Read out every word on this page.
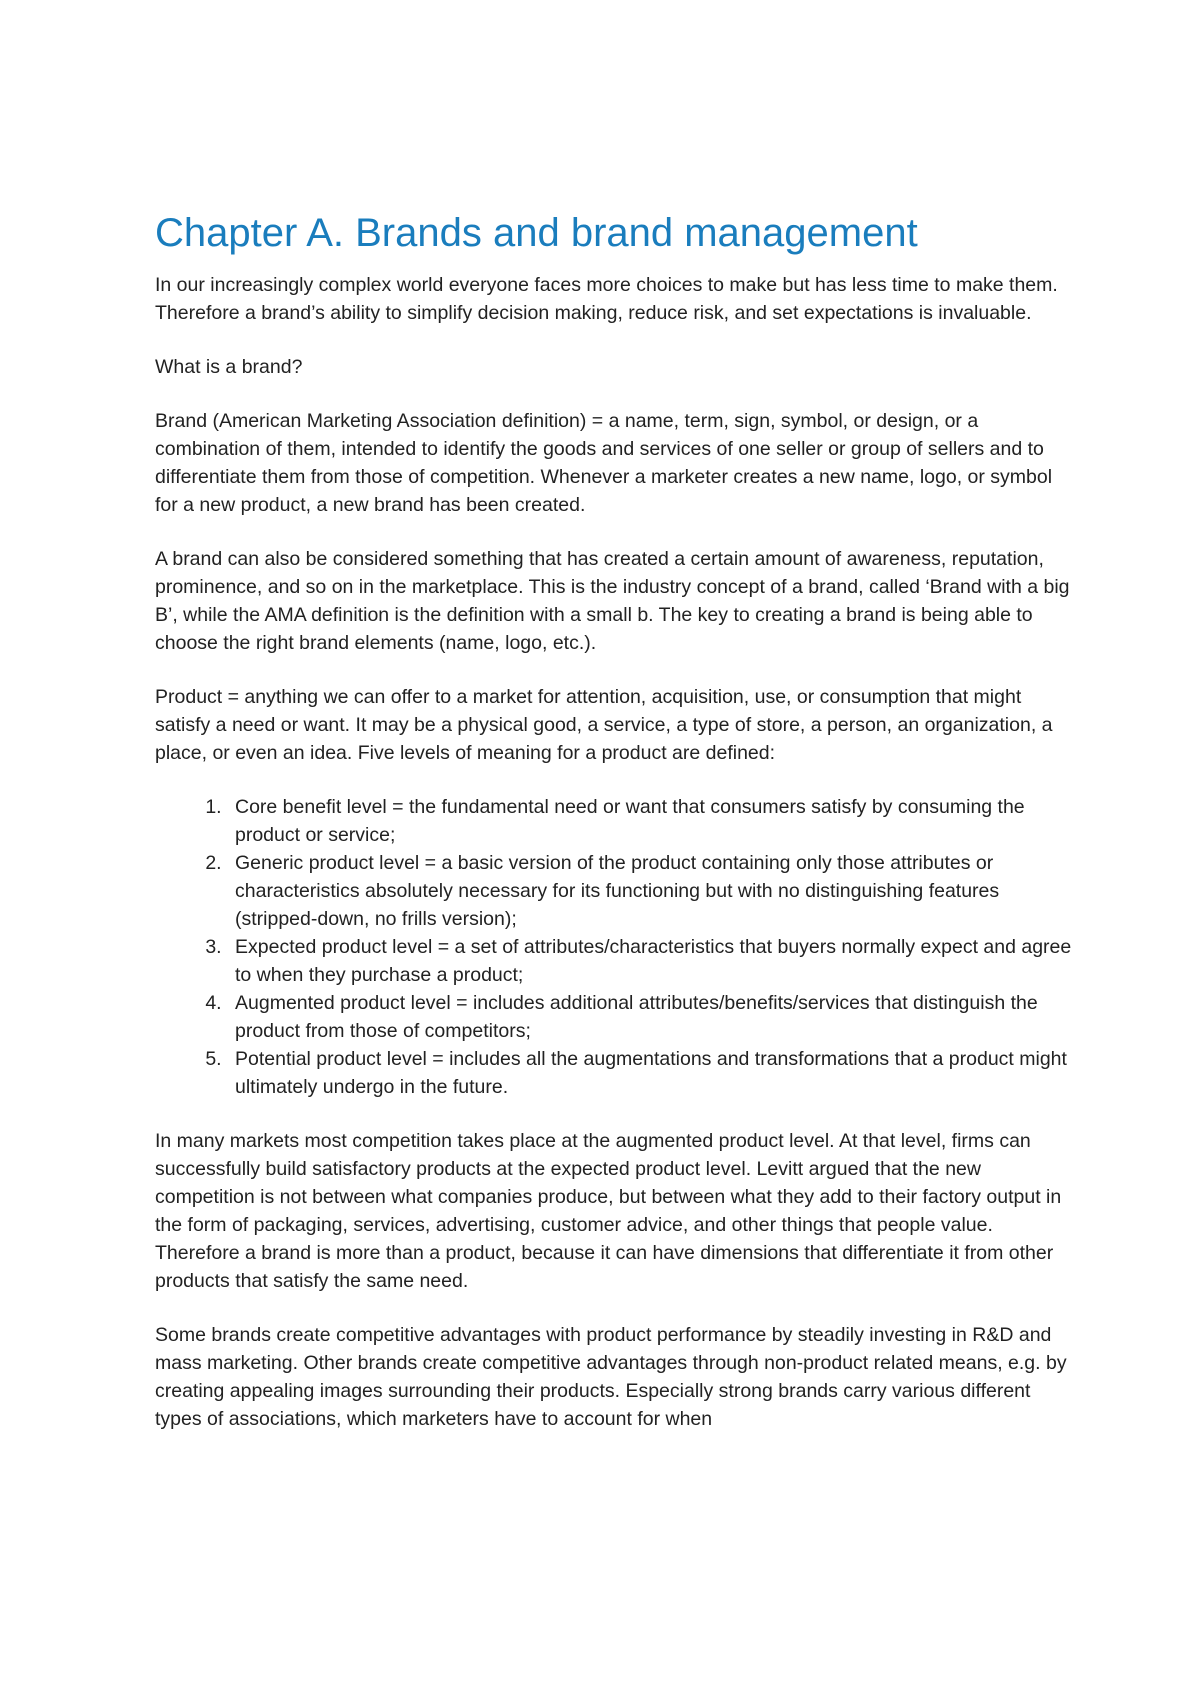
Chapter A. Brands and brand management

In our increasingly complex world everyone faces more choices to make but has less time to make them. Therefore a brand’s ability to simplify decision making, reduce risk, and set expectations is invaluable.

What is a brand?

Brand (American Marketing Association definition) = a name, term, sign, symbol, or design, or a combination of them, intended to identify the goods and services of one seller or group of sellers and to differentiate them from those of competition. Whenever a marketer creates a new name, logo, or symbol for a new product, a new brand has been created.

A brand can also be considered something that has created a certain amount of awareness, reputation, prominence, and so on in the marketplace. This is the industry concept of a brand, called ‘Brand with a big B’, while the AMA definition is the definition with a small b. The key to creating a brand is being able to choose the right brand elements (name, logo, etc.).

Product = anything we can offer to a market for attention, acquisition, use, or consumption that might satisfy a need or want. It may be a physical good, a service, a type of store, a person, an organization, a place, or even an idea. Five levels of meaning for a product are defined:

1. Core benefit level = the fundamental need or want that consumers satisfy by consuming the product or service;
2. Generic product level = a basic version of the product containing only those attributes or characteristics absolutely necessary for its functioning but with no distinguishing features (stripped-down, no frills version);
3. Expected product level = a set of attributes/characteristics that buyers normally expect and agree to when they purchase a product;
4. Augmented product level = includes additional attributes/benefits/services that distinguish the product from those of competitors;
5. Potential product level = includes all the augmentations and transformations that a product might ultimately undergo in the future.

In many markets most competition takes place at the augmented product level. At that level, firms can successfully build satisfactory products at the expected product level. Levitt argued that the new competition is not between what companies produce, but between what they add to their factory output in the form of packaging, services, advertising, customer advice, and other things that people value. Therefore a brand is more than a product, because it can have dimensions that differentiate it from other products that satisfy the same need.

Some brands create competitive advantages with product performance by steadily investing in R&D and mass marketing. Other brands create competitive advantages through non-product related means, e.g. by creating appealing images surrounding their products. Especially strong brands carry various different types of associations, which marketers have to account for when
